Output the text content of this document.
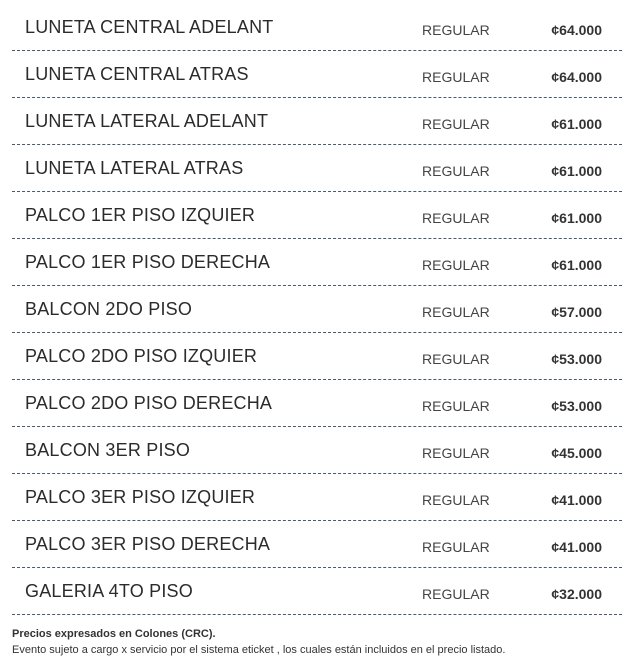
LUNETA CENTRAL ADELANT	REGULAR	¢64.000
LUNETA CENTRAL ATRAS	REGULAR	¢64.000
LUNETA LATERAL ADELANT	REGULAR	¢61.000
LUNETA LATERAL ATRAS	REGULAR	¢61.000
PALCO 1ER PISO IZQUIER	REGULAR	¢61.000
PALCO 1ER PISO DERECHA	REGULAR	¢61.000
BALCON 2DO PISO	REGULAR	¢57.000
PALCO 2DO PISO IZQUIER	REGULAR	¢53.000
PALCO 2DO PISO DERECHA	REGULAR	¢53.000
BALCON 3ER PISO	REGULAR	¢45.000
PALCO 3ER PISO IZQUIER	REGULAR	¢41.000
PALCO 3ER PISO DERECHA	REGULAR	¢41.000
GALERIA 4TO PISO	REGULAR	¢32.000
Precios expresados en Colones (CRC).
Evento sujeto a cargo x servicio por el sistema eticket , los cuales están incluidos en el precio listado.
